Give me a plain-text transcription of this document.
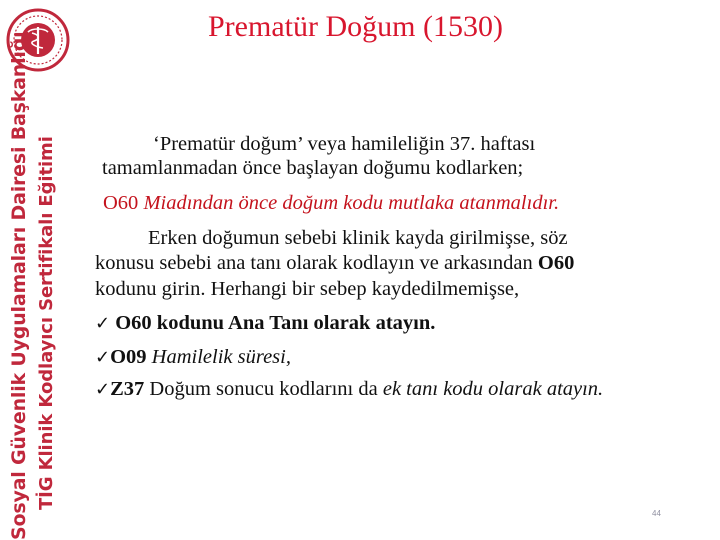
Sosyal Güvenlik Uygulamaları Dairesi Başkanlığı TİG Klinik Kodlayıcı Sertifikalı Eğitimi
Prematür Doğum (1530)
‘Prematür doğum’ veya hamileliğin 37. haftası
tamamlanmadan önce başlayan doğumu kodlarken;
O60 Miadından önce doğum kodu mutlaka atanmalıdır.
Erken doğumun sebebi klinik kayda girilmişse, söz
konusu sebebi ana tanı olarak kodlayın ve arkasından O60
kodunu girin. Herhangi bir sebep kaydedilmemişse,
✓ O60 kodunu Ana Tanı olarak atayın.
✓O09 Hamilelik süresi,
✓Z37 Doğum sonucu kodlarını da ek tanı kodu olarak atayın.
44
